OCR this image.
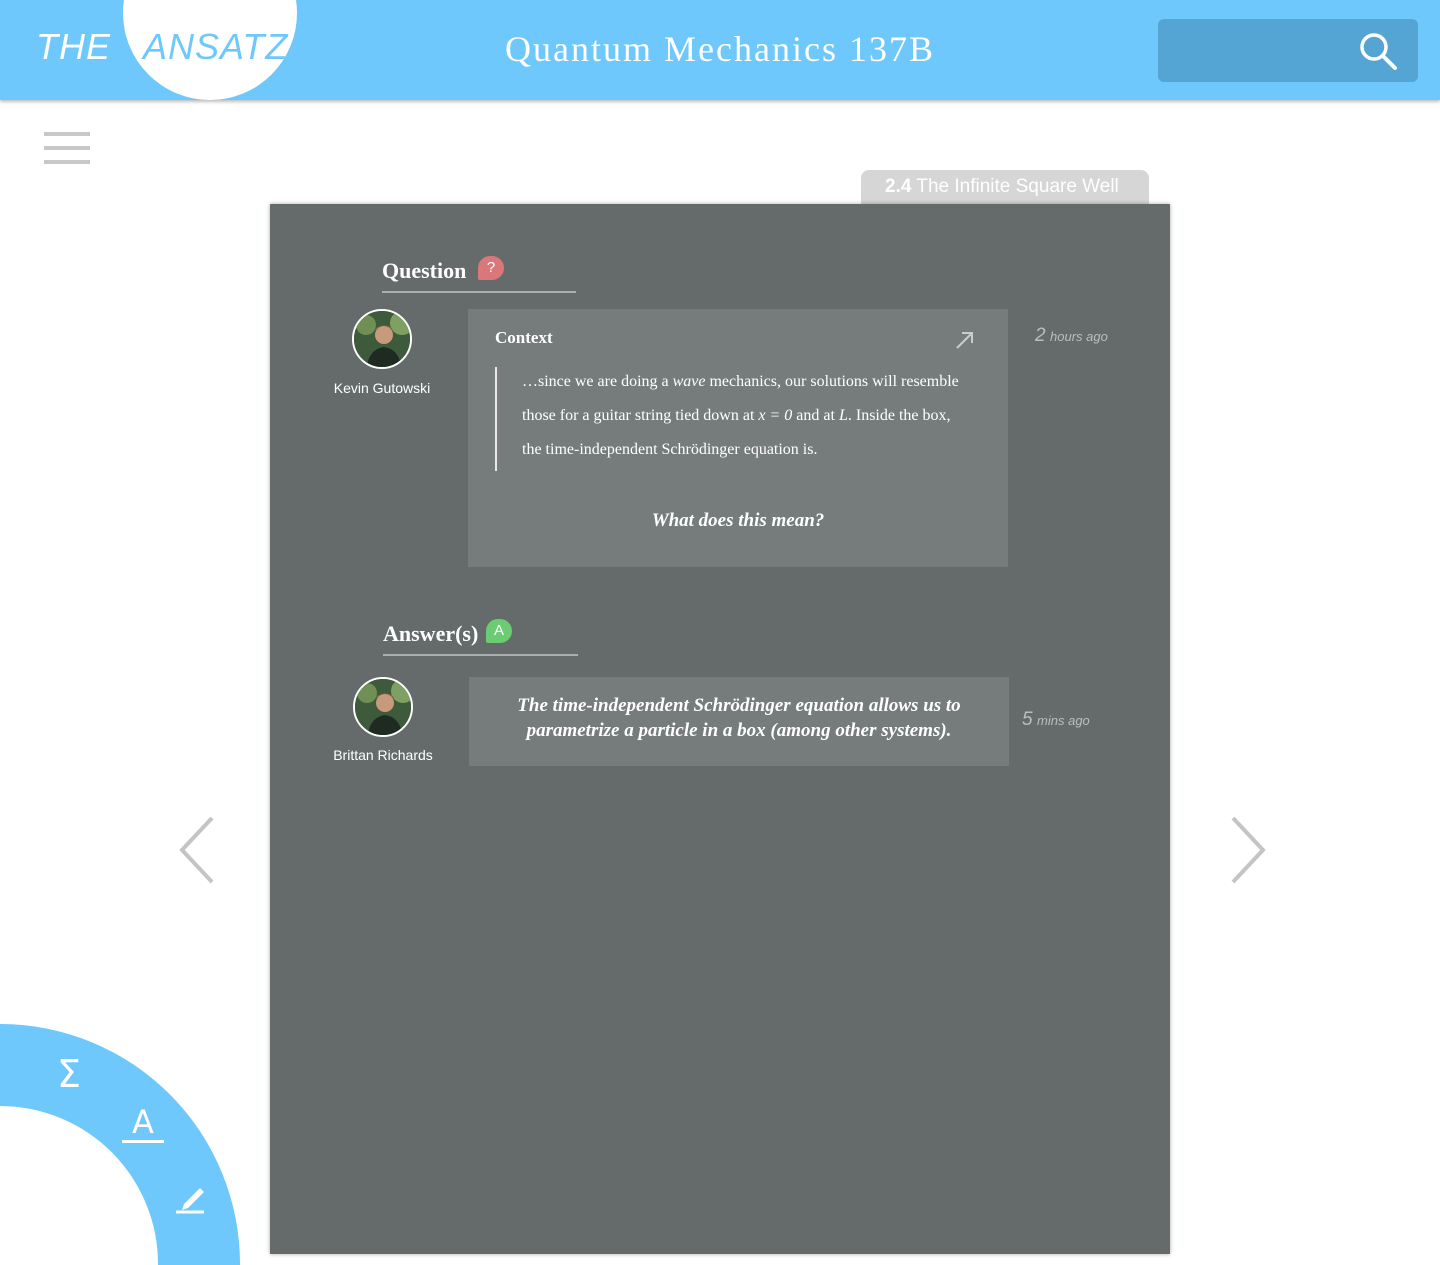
THE ANSATZ	Quantum Mechanics 137B
2.4 The Infinite Square Well
Question	?
Kevin Gutowski
Context
…since we are doing a wave mechanics, our solutions will resemble those for a guitar string tied down at x = 0 and at L. Inside the box, the time-independent Schrödinger equation is.
What does this mean?
2 hours ago
Answer(s)	A
Brittan Richards
The time-independent Schrödinger equation allows us to parametrize a particle in a box (among other systems).
5 mins ago
Σ
A
